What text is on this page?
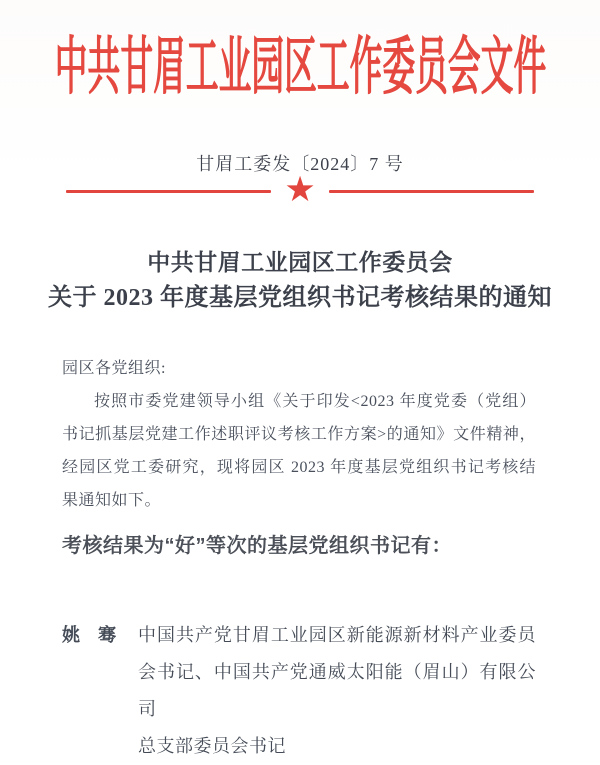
中共甘眉工业园区工作委员会文件
甘眉工委发〔2024〕7 号
★
中共甘眉工业园区工作委员会
关于 2023 年度基层党组织书记考核结果的通知
园区各党组织:
按照市委党建领导小组《关于印发<2023 年度党委（党组）
书记抓基层党建工作述职评议考核工作方案>的通知》文件精神，
经园区党工委研究，现将园区 2023 年度基层党组织书记考核结
果通知如下。
考核结果为“好”等次的基层党组织书记有：
姚　骞 中国共产党甘眉工业园区新能源新材料产业委员
会书记、中国共产党通威太阳能（眉山）有限公司
总支部委员会书记
